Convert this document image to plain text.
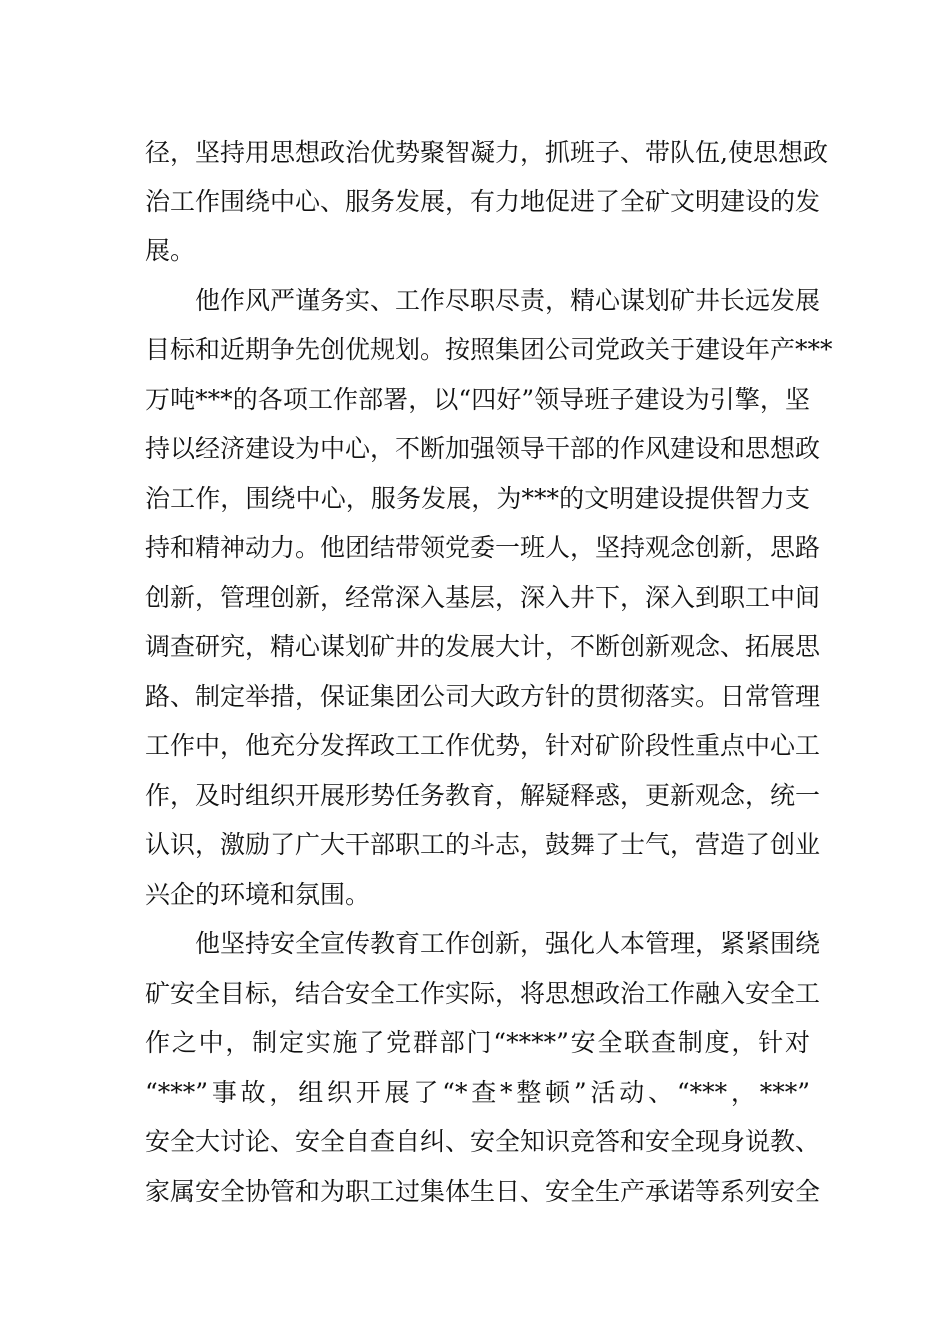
径，坚持用思想政治优势聚智凝力，抓班子、带队伍,使思想政
治工作围绕中心、服务发展，有力地促进了全矿文明建设的发
展。
他作风严谨务实、工作尽职尽责，精心谋划矿井长远发展
目标和近期争先创优规划。按照集团公司党政关于建设年产***
万吨***的各项工作部署，以“四好”领导班子建设为引擎，坚
持以经济建设为中心，不断加强领导干部的作风建设和思想政
治工作，围绕中心，服务发展，为***的文明建设提供智力支
持和精神动力。他团结带领党委一班人，坚持观念创新，思路
创新，管理创新，经常深入基层，深入井下，深入到职工中间
调查研究，精心谋划矿井的发展大计，不断创新观念、拓展思
路、制定举措，保证集团公司大政方针的贯彻落实。日常管理
工作中，他充分发挥政工工作优势，针对矿阶段性重点中心工
作，及时组织开展形势任务教育，解疑释惑，更新观念，统一
认识，激励了广大干部职工的斗志，鼓舞了士气，营造了创业
兴企的环境和氛围。
他坚持安全宣传教育工作创新，强化人本管理，紧紧围绕
矿安全目标，结合安全工作实际，将思想政治工作融入安全工
作之中，制定实施了党群部门“****”安全联查制度，针对
“***”事故，组织开展了“*查*整顿”活动、“***，***”
安全大讨论、安全自查自纠、安全知识竞答和安全现身说教、
家属安全协管和为职工过集体生日、安全生产承诺等系列安全
